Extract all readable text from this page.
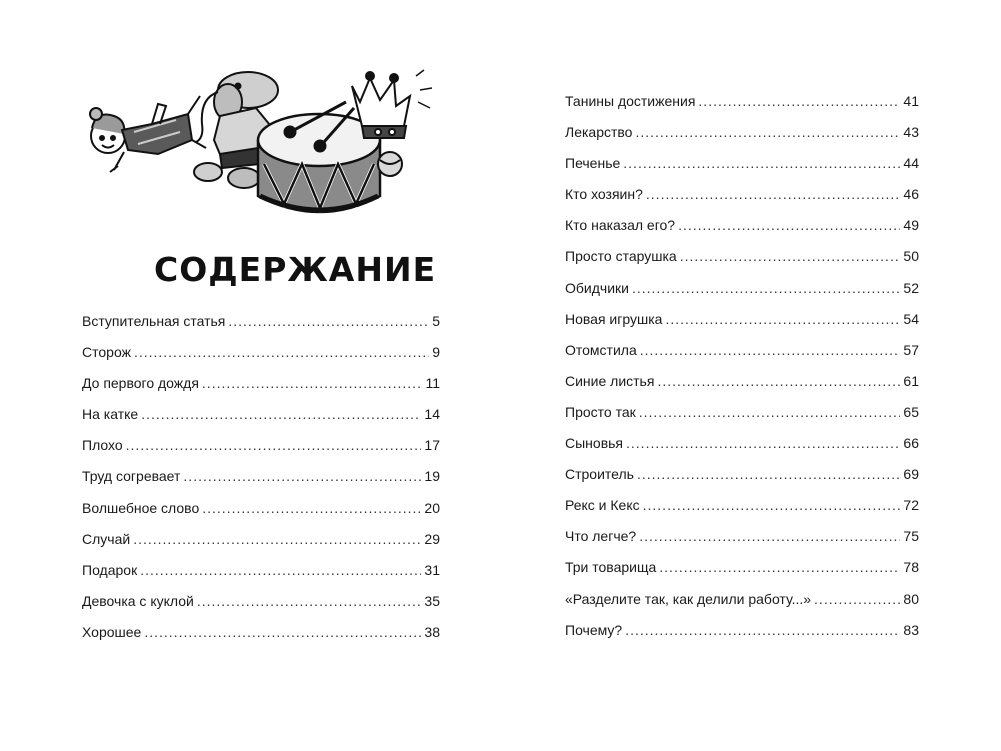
СОДЕРЖАНИЕ
Вступительная статья .....	5
Сторож .....	9
До первого дождя .....	11
На катке .....	14
Плохо .....	17
Труд согревает .....	19
Волшебное слово .....	20
Случай .....	29
Подарок .....	31
Девочка с куклой .....	35
Хорошее .....	38
Танины достижения .....	41
Лекарство .....	43
Печенье .....	44
Кто хозяин? .....	46
Кто наказал его? .....	49
Просто старушка .....	50
Обидчики .....	52
Новая игрушка .....	54
Отомстила .....	57
Синие листья .....	61
Просто так .....	65
Сыновья .....	66
Строитель .....	69
Рекс и Кекс .....	72
Что легче? .....	75
Три товарища .....	78
«Разделите так, как делили работу...» .....	80
Почему? .....	83
